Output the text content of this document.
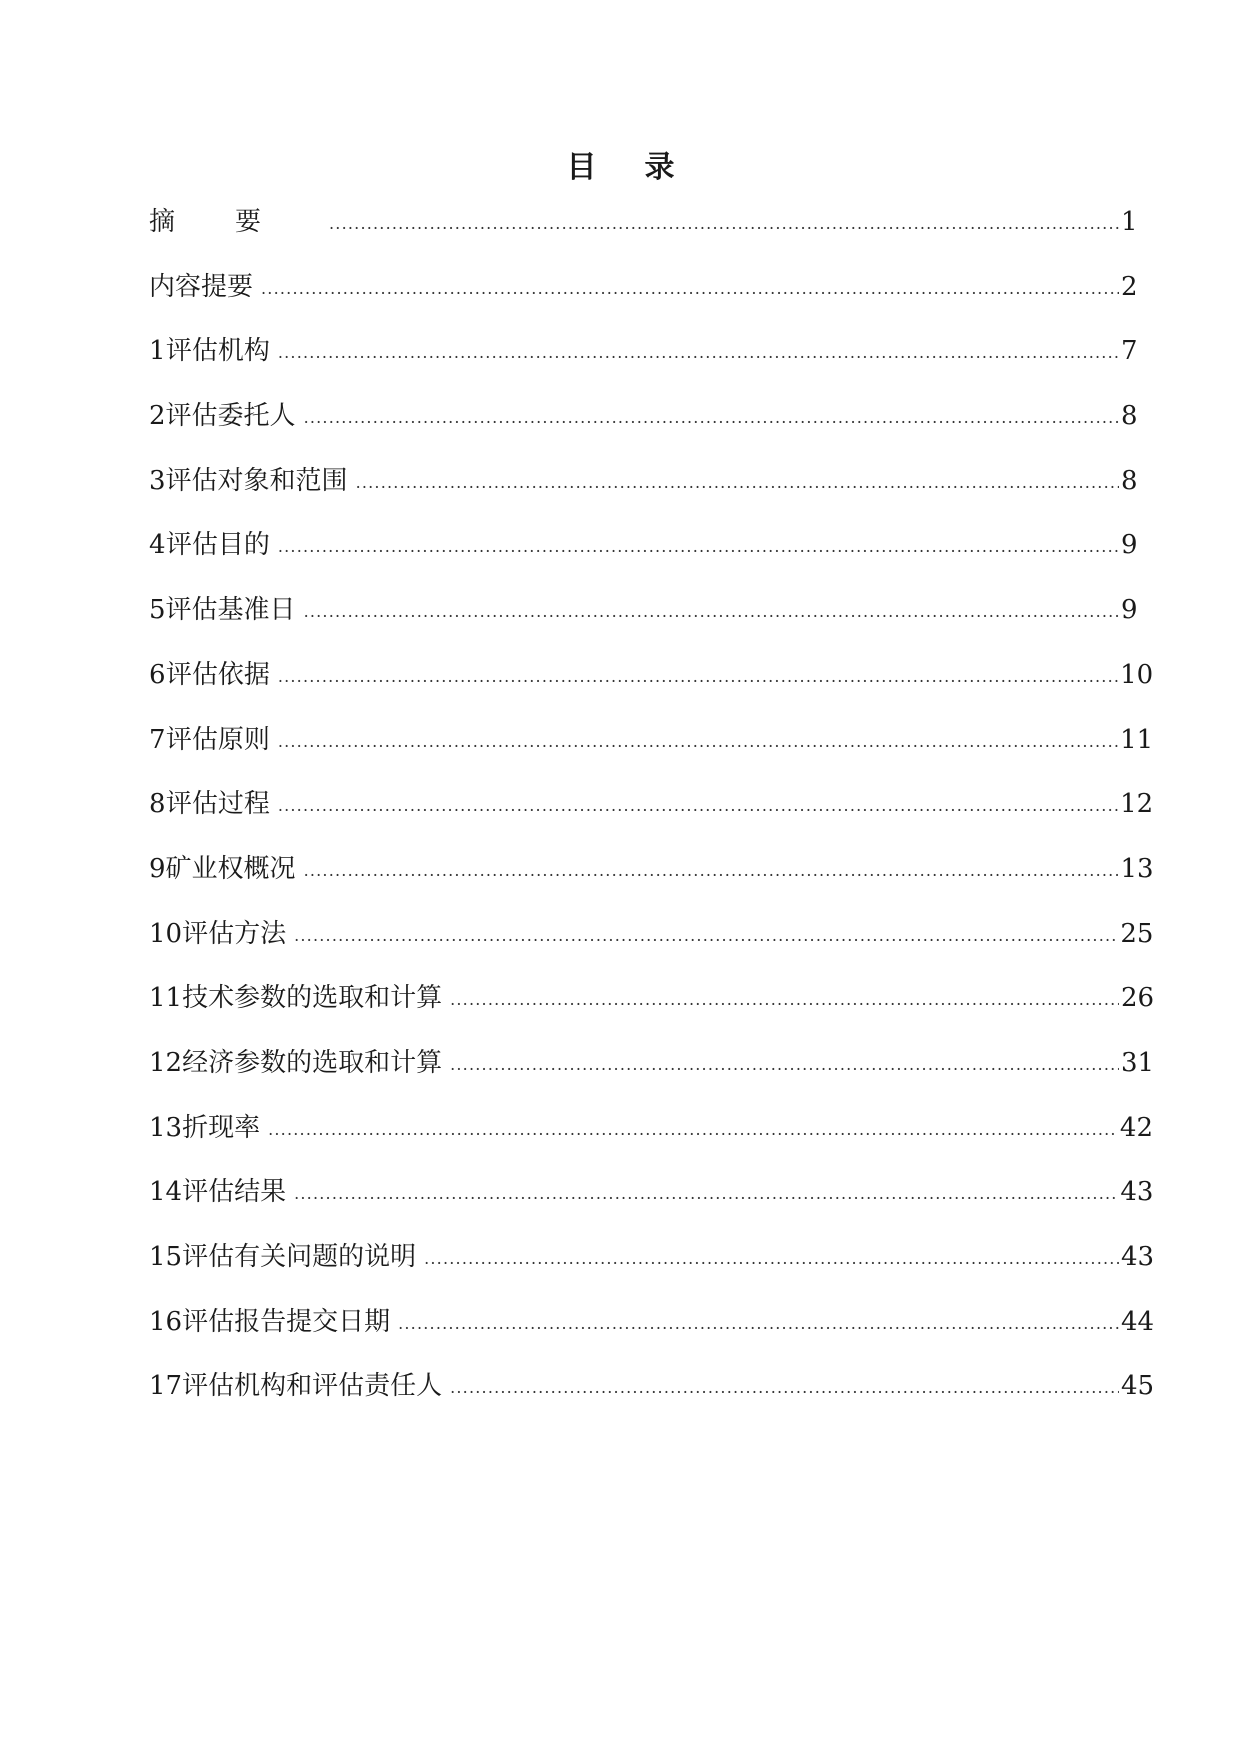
目录
摘要 .....	1
内容提要 .....	2
1 评估机构 .....	7
2 评估委托人 .....	8
3 评估对象和范围 .....	8
4 评估目的 .....	9
5 评估基准日 .....	9
6 评估依据 .....	10
7 评估原则 .....	11
8 评估过程 .....	12
9 矿业权概况 .....	13
10 评估方法 .....	25
11 技术参数的选取和计算 .....	26
12 经济参数的选取和计算 .....	31
13 折现率 .....	42
14 评估结果 .....	43
15 评估有关问题的说明 .....	43
16 评估报告提交日期 .....	44
17 评估机构和评估责任人 .....	45
